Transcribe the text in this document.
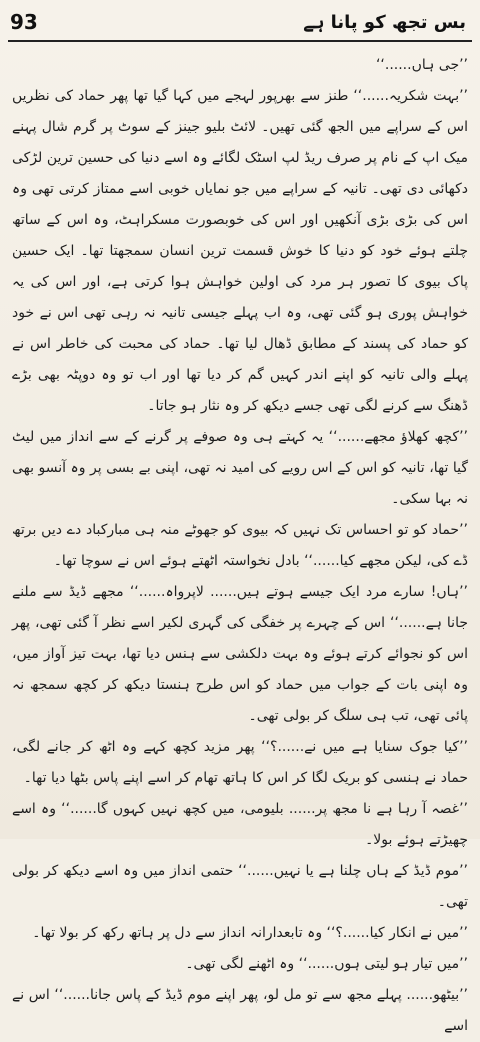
93	بس تجھ کو پانا ہے

’’جی ہاں......‘‘

’’بہت شکریہ......‘‘ طنز سے بھرپور لہجے میں کہا گیا تھا پھر حماد کی نظریں اس کے سراپے میں الجھ گئی تھیں۔ لائٹ بلیو جینز کے سوٹ پر گرم شال پہنے میک اپ کے نام پر صرف ریڈ لپ اسٹک لگائے وہ اسے دنیا کی حسین ترین لڑکی دکھائی دی تھی۔ تانیہ کے سراپے میں جو نمایاں خوبی اسے ممتاز کرتی تھی وہ اس کی بڑی بڑی آنکھیں اور اس کی خوبصورت مسکراہٹ، وہ اس کے ساتھ چلتے ہوئے خود کو دنیا کا خوش قسمت ترین انسان سمجھتا تھا۔ ایک حسین پاک بیوی کا تصور ہر مرد کی اولین خواہش ہوا کرتی ہے، اور اس کی یہ خواہش پوری ہو گئی تھی، وہ اب پہلے جیسی تانیہ نہ رہی تھی اس نے خود کو حماد کی پسند کے مطابق ڈھال لیا تھا۔ حماد کی محبت کی خاطر اس نے پہلے والی تانیہ کو اپنے اندر کہیں گم کر دیا تھا اور اب تو وہ دوپٹہ بھی بڑے ڈھنگ سے کرنے لگی تھی جسے دیکھ کر وہ نثار ہو جاتا۔

’’کچھ کھلاؤ مجھے......‘‘ یہ کہتے ہی وہ صوفے پر گرنے کے سے انداز میں لیٹ گیا تھا، تانیہ کو اس کے اس رویے کی امید نہ تھی، اپنی بے بسی پر وہ آنسو بھی نہ بہا سکی۔

’’حماد کو تو احساس تک نہیں کہ بیوی کو جھوٹے منہ ہی مبارکباد دے دیں برتھ ڈے کی، لیکن مجھے کیا......‘‘ بادل نخواستہ اٹھتے ہوئے اس نے سوچا تھا۔

’’ہاں! سارے مرد ایک جیسے ہوتے ہیں...... لاپرواہ......‘‘ مجھے ڈیڈ سے ملنے جانا ہے......‘‘ اس کے چہرے پر خفگی کی گہری لکیر اسے نظر آ گئی تھی، پھر اس کو نجوائے کرتے ہوئے وہ بہت دلکشی سے ہنس دیا تھا، بہت تیز آواز میں، وہ اپنی بات کے جواب میں حماد کو اس طرح ہنستا دیکھ کر کچھ سمجھ نہ پائی تھی، تب ہی سلگ کر بولی تھی۔

’’کیا جوک سنایا ہے میں نے......؟‘‘ پھر مزید کچھ کہے وہ اٹھ کر جانے لگی، حماد نے ہنسی کو بریک لگا کر اس کا ہاتھ تھام کر اسے اپنے پاس بٹھا دیا تھا۔

’’غصہ آ رہا ہے نا مجھ پر...... بلیومی، میں کچھ نہیں کہوں گا......‘‘ وہ اسے چھیڑتے ہوئے بولا۔

’’موم ڈیڈ کے ہاں چلنا ہے یا نہیں......‘‘ حتمی انداز میں وہ اسے دیکھ کر بولی تھی۔

’’میں نے انکار کیا......؟‘‘ وہ تابعدارانہ انداز سے دل پر ہاتھ رکھ کر بولا تھا۔

’’میں تیار ہو لیتی ہوں......‘‘ وہ اٹھنے لگی تھی۔

’’بیٹھو...... پہلے مجھ سے تو مل لو، پھر اپنے موم ڈیڈ کے پاس جانا......‘‘ اس نے اسے
